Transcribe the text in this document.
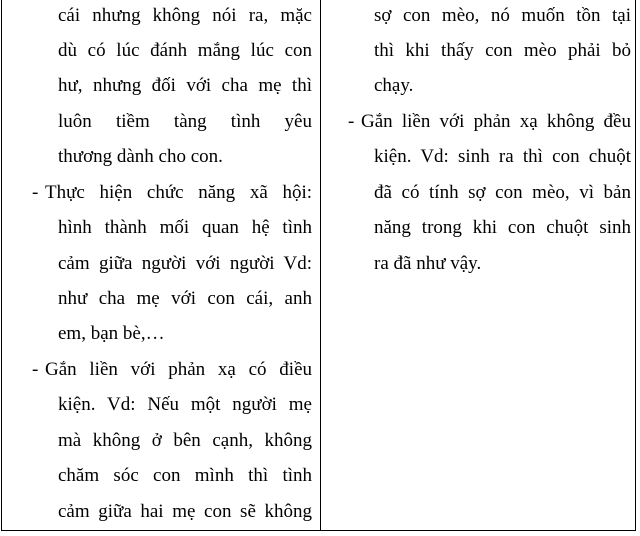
cái nhưng không nói ra, mặc
dù có lúc đánh mắng lúc con
hư, nhưng đối với cha mẹ thì
luôn tiềm tàng tình yêu
thương dành cho con.
- Thực hiện chức năng xã hội:
hình thành mối quan hệ tình
cảm giữa người với người Vd:
như cha mẹ với con cái, anh
em, bạn bè,…
- Gắn liền với phản xạ có điều
kiện. Vd: Nếu một người mẹ
mà không ở bên cạnh, không
chăm sóc con mình thì tình
cảm giữa hai mẹ con sẽ không
sợ con mèo, nó muốn tồn tại
thì khi thấy con mèo phải bỏ
chạy.
- Gắn liền với phản xạ không đều
kiện. Vd: sinh ra thì con chuột
đã có tính sợ con mèo, vì bản
năng trong khi con chuột sinh
ra đã như vậy.
